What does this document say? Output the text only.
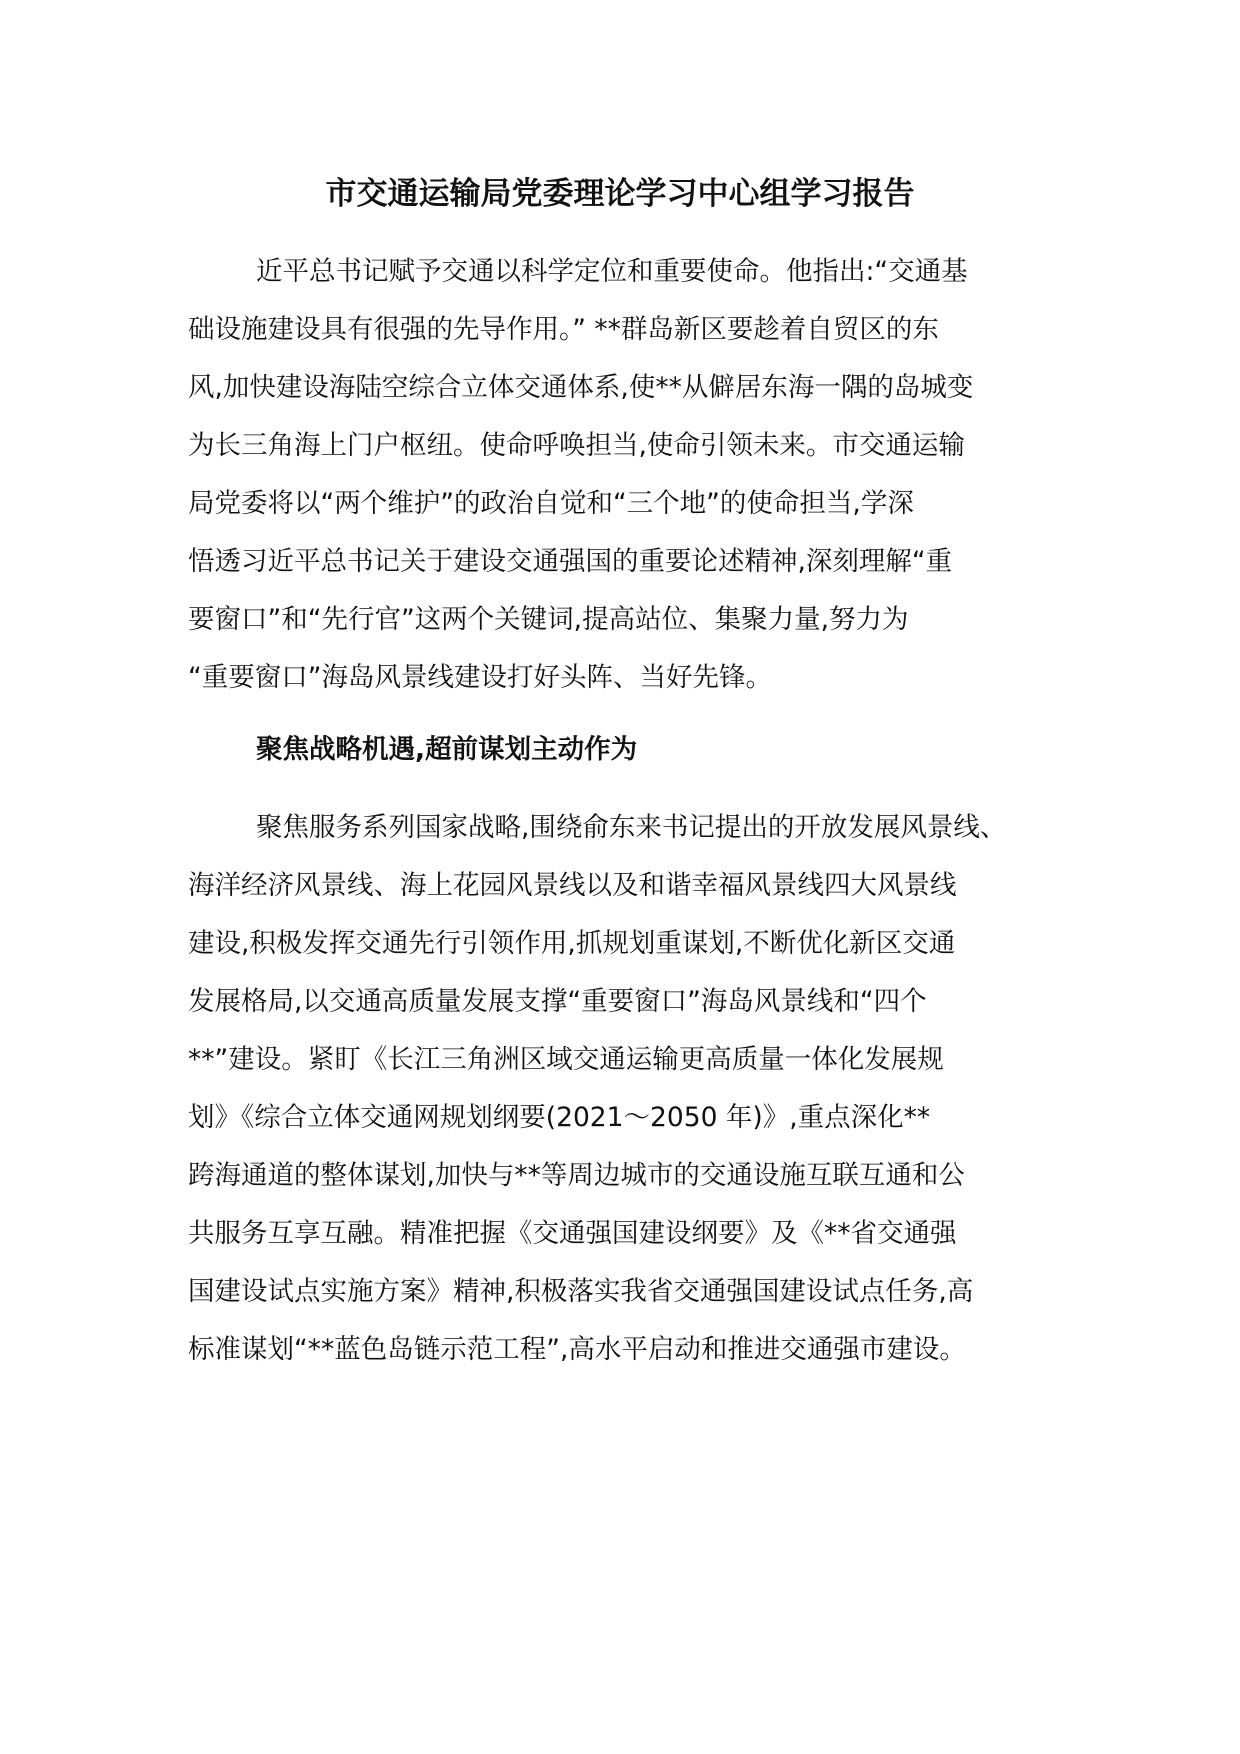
市交通运输局党委理论学习中心组学习报告

近平总书记赋予交通以科学定位和重要使命。他指出:“交通基

础设施建设具有很强的先导作用。” **群岛新区要趁着自贸区的东

风,加快建设海陆空综合立体交通体系,使**从僻居东海一隅的岛城变

为长三角海上门户枢纽。使命呼唤担当,使命引领未来。市交通运输

局党委将以“两个维护”的政治自觉和“三个地”的使命担当,学深

悟透习近平总书记关于建设交通强国的重要论述精神,深刻理解“重

要窗口”和“先行官”这两个关键词,提高站位、集聚力量,努力为

“重要窗口”海岛风景线建设打好头阵、当好先锋。

聚焦战略机遇,超前谋划主动作为

聚焦服务系列国家战略,围绕俞东来书记提出的开放发展风景线、

海洋经济风景线、海上花园风景线以及和谐幸福风景线四大风景线

建设,积极发挥交通先行引领作用,抓规划重谋划,不断优化新区交通

发展格局,以交通高质量发展支撑“重要窗口”海岛风景线和“四个

**”建设。紧盯《长江三角洲区域交通运输更高质量一体化发展规

划》《综合立体交通网规划纲要(2021～2050 年)》,重点深化**

跨海通道的整体谋划,加快与**等周边城市的交通设施互联互通和公

共服务互享互融。精准把握《交通强国建设纲要》及《**省交通强

国建设试点实施方案》精神,积极落实我省交通强国建设试点任务,高

标准谋划“**蓝色岛链示范工程”,高水平启动和推进交通强市建设。
